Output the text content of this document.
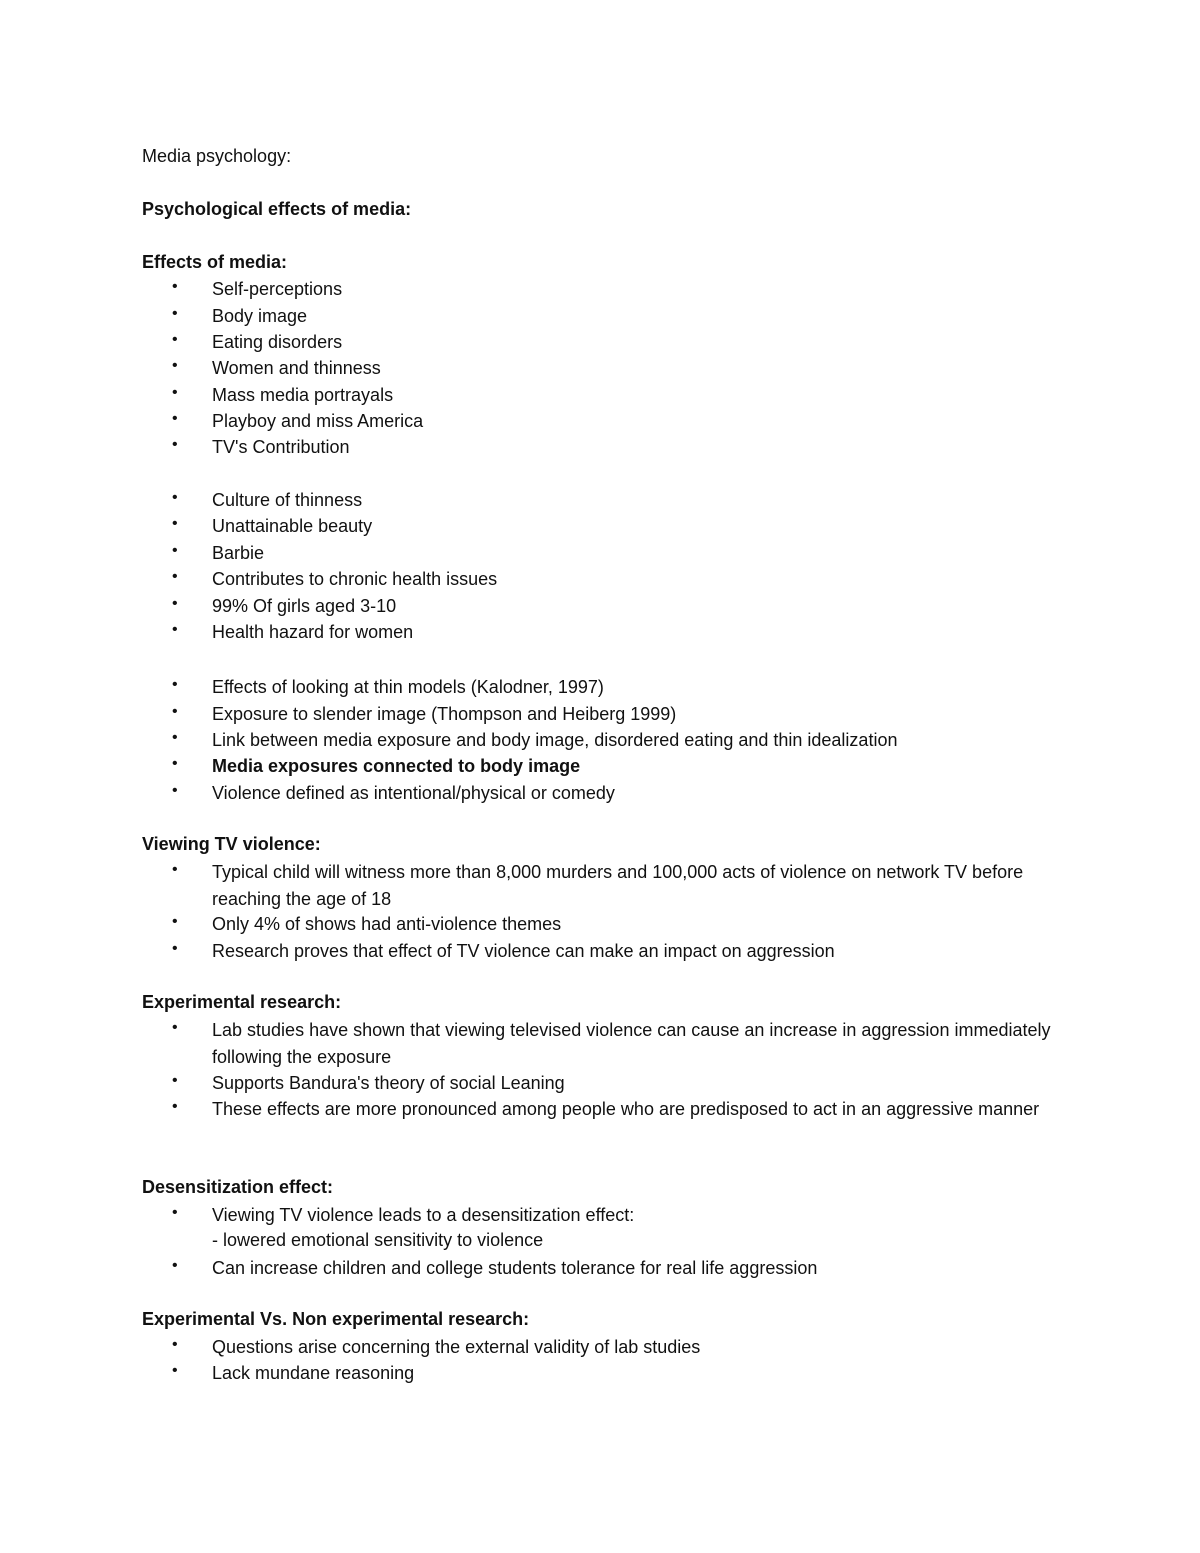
Media psychology:
Psychological effects of media:
Effects of media:
•	Self-perceptions
•	Body image
•	Eating disorders
•	Women and thinness
•	Mass media portrayals
•	Playboy and miss America
•	TV's Contribution
•	Culture of thinness
•	Unattainable beauty
•	Barbie
•	Contributes to chronic health issues
•	99% Of girls aged 3-10
•	Health hazard for women
•	Effects of looking at thin models (Kalodner, 1997)
•	Exposure to slender image (Thompson and Heiberg 1999)
•	Link between media exposure and body image, disordered eating and thin idealization
•	Media exposures connected to body image
•	Violence defined as intentional/physical or comedy
Viewing TV violence:
•	Typical child will witness more than 8,000 murders and 100,000 acts of violence on network TV before reaching the age of 18
•	Only 4% of shows had anti-violence themes
•	Research proves that effect of TV violence can make an impact on aggression
Experimental research:
•	Lab studies have shown that viewing televised violence can cause an increase in aggression immediately following the exposure
•	Supports Bandura's theory of social Leaning
•	These effects are more pronounced among people who are predisposed to act in an aggressive manner
Desensitization effect:
•	Viewing TV violence leads to a desensitization effect:
- lowered emotional sensitivity to violence
•	Can increase children and college students tolerance for real life aggression
Experimental Vs. Non experimental research:
•	Questions arise concerning the external validity of lab studies
•	Lack mundane reasoning
